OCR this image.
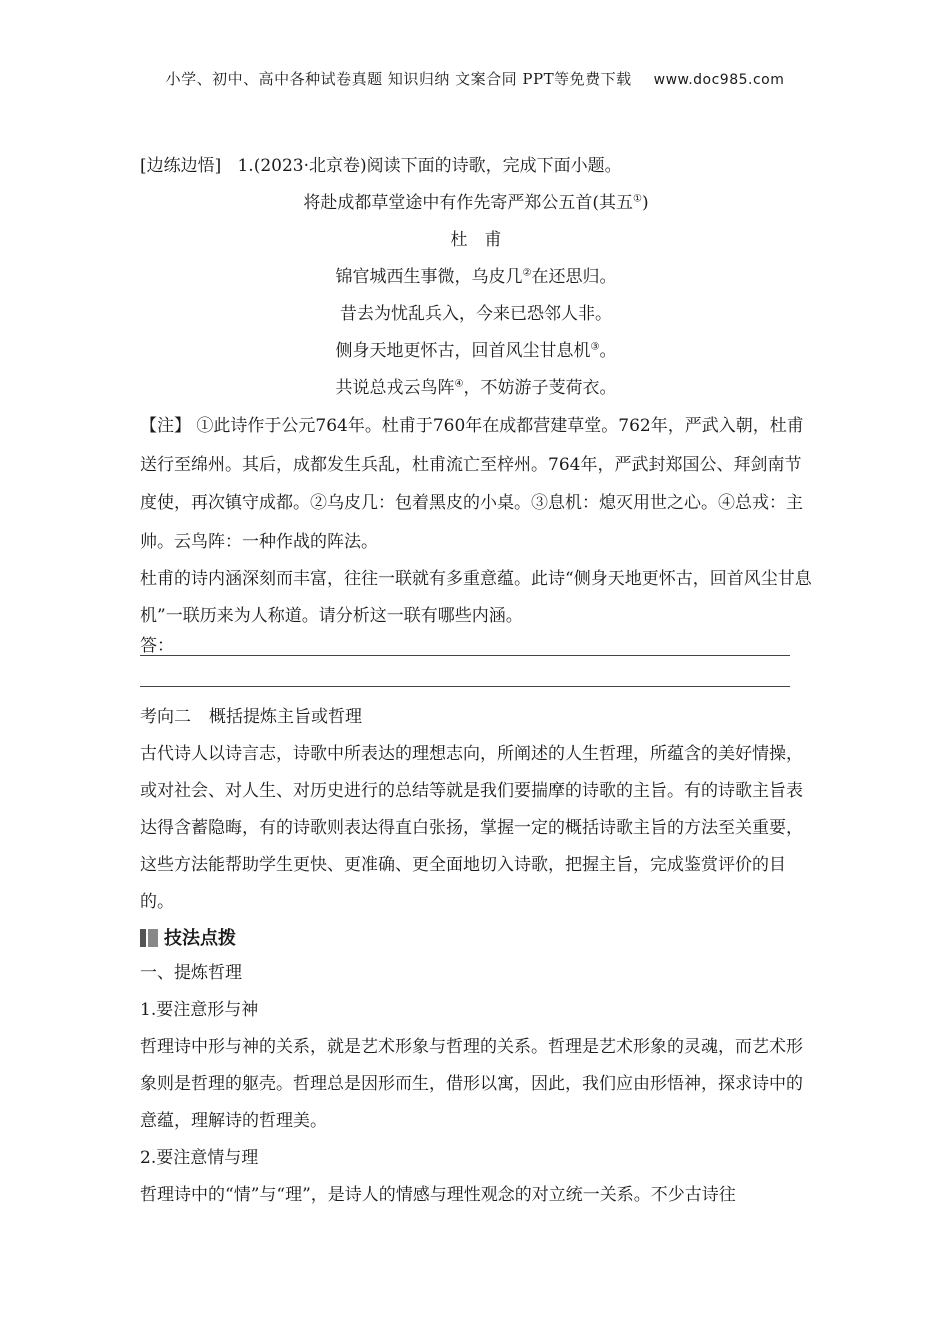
小学、初中、高中各种试卷真题 知识归纳 文案合同 PPT等免费下载 www.doc985.com

[边练边悟] 1.(2023·北京卷)阅读下面的诗歌，完成下面小题。

将赴成都草堂途中有作先寄严郑公五首(其五①)

杜　甫

锦官城西生事微，乌皮几②在还思归。

昔去为忧乱兵入，今来已恐邻人非。

侧身天地更怀古，回首风尘甘息机③。

共说总戎云鸟阵④，不妨游子芰荷衣。

【注】 ①此诗作于公元764年。杜甫于760年在成都营建草堂。762年，严武入朝，杜甫送行至绵州。其后，成都发生兵乱，杜甫流亡至梓州。764年，严武封郑国公、拜剑南节度使，再次镇守成都。②乌皮几：包着黑皮的小桌。③息机：熄灭用世之心。④总戎：主帅。云鸟阵：一种作战的阵法。

杜甫的诗内涵深刻而丰富，往往一联就有多重意蕴。此诗“侧身天地更怀古，回首风尘甘息机”一联历来为人称道。请分析这一联有哪些内涵。

答：

考向二 概括提炼主旨或哲理

古代诗人以诗言志，诗歌中所表达的理想志向，所阐述的人生哲理，所蕴含的美好情操，或对社会、对人生、对历史进行的总结等就是我们要揣摩的诗歌的主旨。有的诗歌主旨表达得含蓄隐晦，有的诗歌则表达得直白张扬，掌握一定的概括诗歌主旨的方法至关重要，这些方法能帮助学生更快、更准确、更全面地切入诗歌，把握主旨，完成鉴赏评价的目的。

技法点拨

一、提炼哲理

1.要注意形与神

哲理诗中形与神的关系，就是艺术形象与哲理的关系。哲理是艺术形象的灵魂，而艺术形象则是哲理的躯壳。哲理总是因形而生，借形以寓，因此，我们应由形悟神，探求诗中的意蕴，理解诗的哲理美。

2.要注意情与理

哲理诗中的“情”与“理”，是诗人的情感与理性观念的对立统一关系。不少古诗往
